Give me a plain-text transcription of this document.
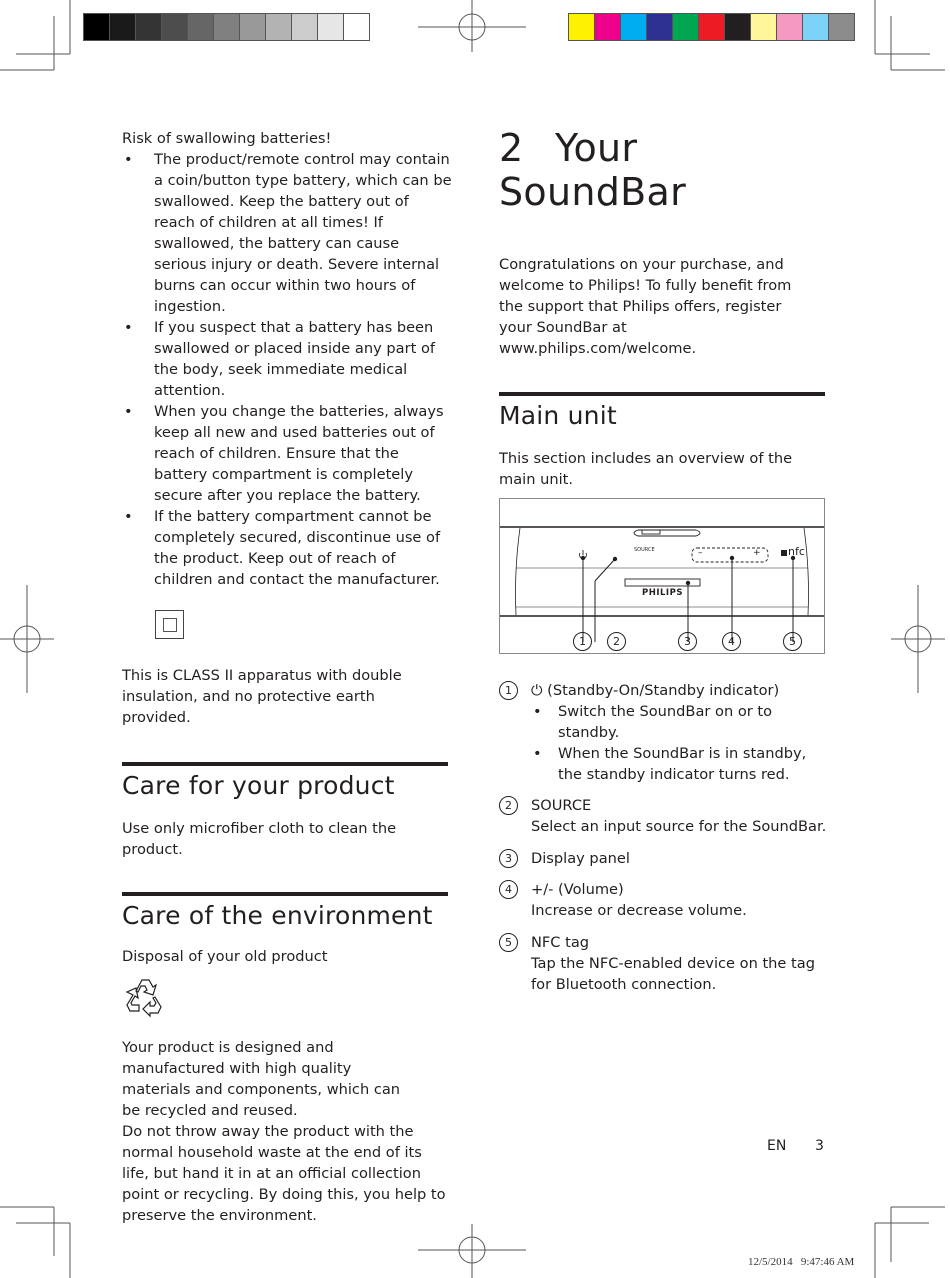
Risk of swallowing batteries!

• The product/remote control may contain a coin/button type battery, which can be swallowed. Keep the battery out of reach of children at all times! If swallowed, the battery can cause serious injury or death. Severe internal burns can occur within two hours of ingestion.
• If you suspect that a battery has been swallowed or placed inside any part of the body, seek immediate medical attention.
• When you change the batteries, always keep all new and used batteries out of reach of children. Ensure that the battery compartment is completely secure after you replace the battery.
• If the battery compartment cannot be completely secured, discontinue use of the product. Keep out of reach of children and contact the manufacturer.

This is CLASS II apparatus with double insulation, and no protective earth provided.

Care for your product

Use only microfiber cloth to clean the product.

Care of the environment

Disposal of your old product

Your product is designed and manufactured with high quality materials and components, which can be recycled and reused.

Do not throw away the product with the normal household waste at the end of its life, but hand it in at an official collection point or recycling. By doing this, you help to preserve the environment.

2 Your SoundBar

Congratulations on your purchase, and welcome to Philips! To fully benefit from the support that Philips offers, register your SoundBar at www.philips.com/welcome.

Main unit

This section includes an overview of the main unit.

SOURCE
PHILIPS
–	+ nfc
1	2	3	4	5
1	⏻ (Standby-On/Standby indicator)

• Switch the SoundBar on or to standby.
• When the SoundBar is in standby, the standby indicator turns red.
2	SOURCE

Select an input source for the SoundBar.

3	Display panel

4	+/- (Volume)

Increase or decrease volume.

5	NFC tag

Tap the NFC-enabled device on the tag for Bluetooth connection.

EN 3
12/5/2014   9:47:46 AM
